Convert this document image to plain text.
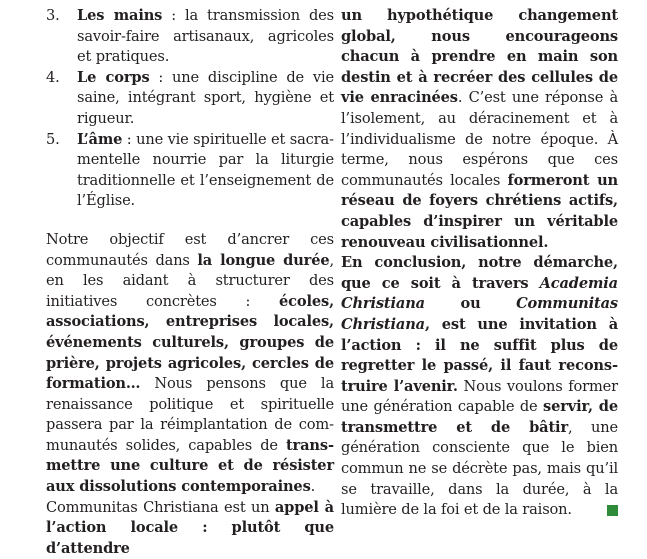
3.	Les mains : la transmission des savoir-faire artisanaux, agricoles et pratiques.
4.	Le corps : une discipline de vie saine, intégrant sport, hygiène et rigueur.
5.	L’âme : une vie spirituelle et sacramentelle nourrie par la liturgie traditionnelle et l’enseignement de l’Église.

Notre objectif est d’ancrer ces communautés dans la longue durée, en les aidant à structurer des initiatives concrètes : écoles, associations, entreprises locales, événements culturels, groupes de prière, projets agricoles, cercles de formation… Nous pensons que la renaissance politique et spirituelle passera par la réimplantation de communautés solides, capables de transmettre une culture et de résister aux dissolutions contemporaines.

Communitas Christiana est un appel à l’action locale : plutôt que d’attendre

un hypothétique changement global, nous encourageons chacun à prendre en main son destin et à recréer des cellules de vie enracinées. C’est une réponse à l’isolement, au déracinement et à l’individualisme de notre époque. À terme, nous espérons que ces communautés locales formeront un réseau de foyers chrétiens actifs, capables d’inspirer un véritable renouveau civilisationnel.

En conclusion, notre démarche, que ce soit à travers Academia Christiana ou Communitas Christiana, est une invitation à l’action : il ne suffit plus de regretter le passé, il faut reconstruire l’avenir. Nous voulons former une génération capable de servir, de transmettre et de bâtir, une génération consciente que le bien commun ne se décrète pas, mais qu’il se travaille, dans la durée, à la lumière de la foi et de la raison.
